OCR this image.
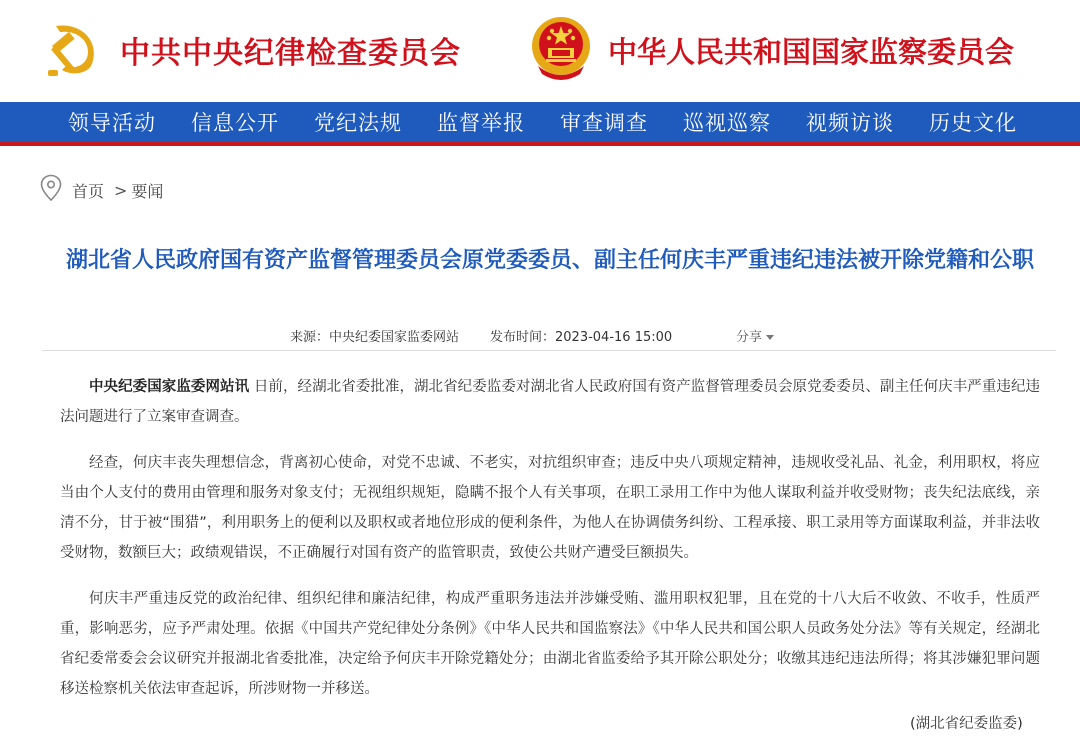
中共中央纪律检查委员会	中华人民共和国国家监察委员会
领导活动 信息公开 党纪法规 监督举报 审查调查 巡视巡察 视频访谈 历史文化
首页 > 要闻
湖北省人民政府国有资产监督管理委员会原党委委员、副主任何庆丰严重违纪违法被开除党籍和公职
来源：中央纪委国家监委网站 发布时间：2023-04-16 15:00	分享

中央纪委国家监委网站讯 日前，经湖北省委批准，湖北省纪委监委对湖北省人民政府国有资产监督管理委员会原党委委员、副主任何庆丰严重违纪违法问题进行了立案审查调查。

经查，何庆丰丧失理想信念，背离初心使命，对党不忠诚、不老实，对抗组织审查；违反中央八项规定精神，违规收受礼品、礼金，利用职权，将应当由个人支付的费用由管理和服务对象支付；无视组织规矩，隐瞒不报个人有关事项，在职工录用工作中为他人谋取利益并收受财物；丧失纪法底线，亲清不分，甘于被“围猎”，利用职务上的便利以及职权或者地位形成的便利条件，为他人在协调债务纠纷、工程承接、职工录用等方面谋取利益，并非法收受财物，数额巨大；政绩观错误，不正确履行对国有资产的监管职责，致使公共财产遭受巨额损失。

何庆丰严重违反党的政治纪律、组织纪律和廉洁纪律，构成严重职务违法并涉嫌受贿、滥用职权犯罪，且在党的十八大后不收敛、不收手，性质严重，影响恶劣，应予严肃处理。依据《中国共产党纪律处分条例》《中华人民共和国监察法》《中华人民共和国公职人员政务处分法》等有关规定，经湖北省纪委常委会会议研究并报湖北省委批准，决定给予何庆丰开除党籍处分；由湖北省监委给予其开除公职处分；收缴其违纪违法所得；将其涉嫌犯罪问题移送检察机关依法审查起诉，所涉财物一并移送。

(湖北省纪委监委)
